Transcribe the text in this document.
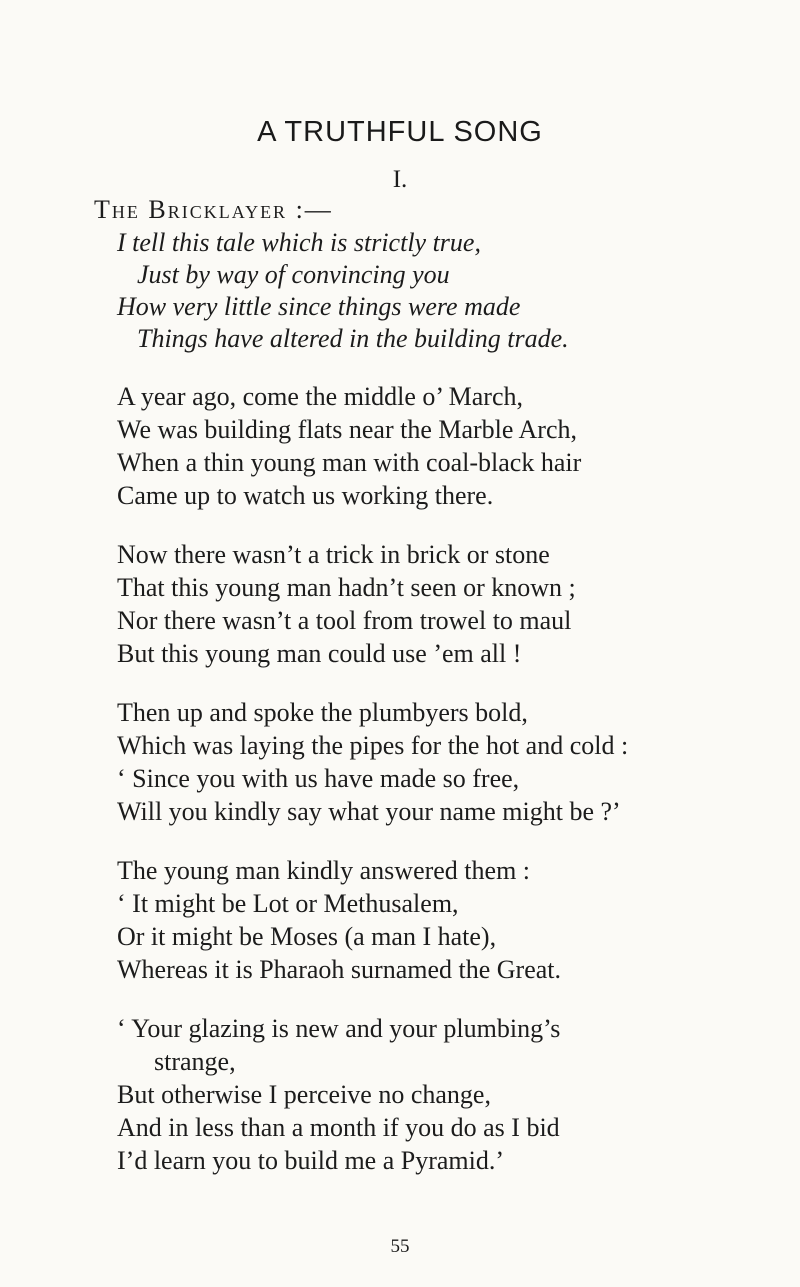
A TRUTHFUL SONG
I.
The Bricklayer :—
I tell this tale which is strictly true,
Just by way of convincing you
How very little since things were made
Things have altered in the building trade.
A year ago, come the middle o’ March,
We was building flats near the Marble Arch,
When a thin young man with coal-black hair
Came up to watch us working there.
Now there wasn’t a trick in brick or stone
That this young man hadn’t seen or known ;
Nor there wasn’t a tool from trowel to maul
But this young man could use ’em all !
Then up and spoke the plumbyers bold,
Which was laying the pipes for the hot and cold :
‘ Since you with us have made so free,
Will you kindly say what your name might be ?’
The young man kindly answered them :
‘ It might be Lot or Methusalem,
Or it might be Moses (a man I hate),
Whereas it is Pharaoh surnamed the Great.
‘ Your glazing is new and your plumbing’s
strange,
But otherwise I perceive no change,
And in less than a month if you do as I bid
I’d learn you to build me a Pyramid.’
55
